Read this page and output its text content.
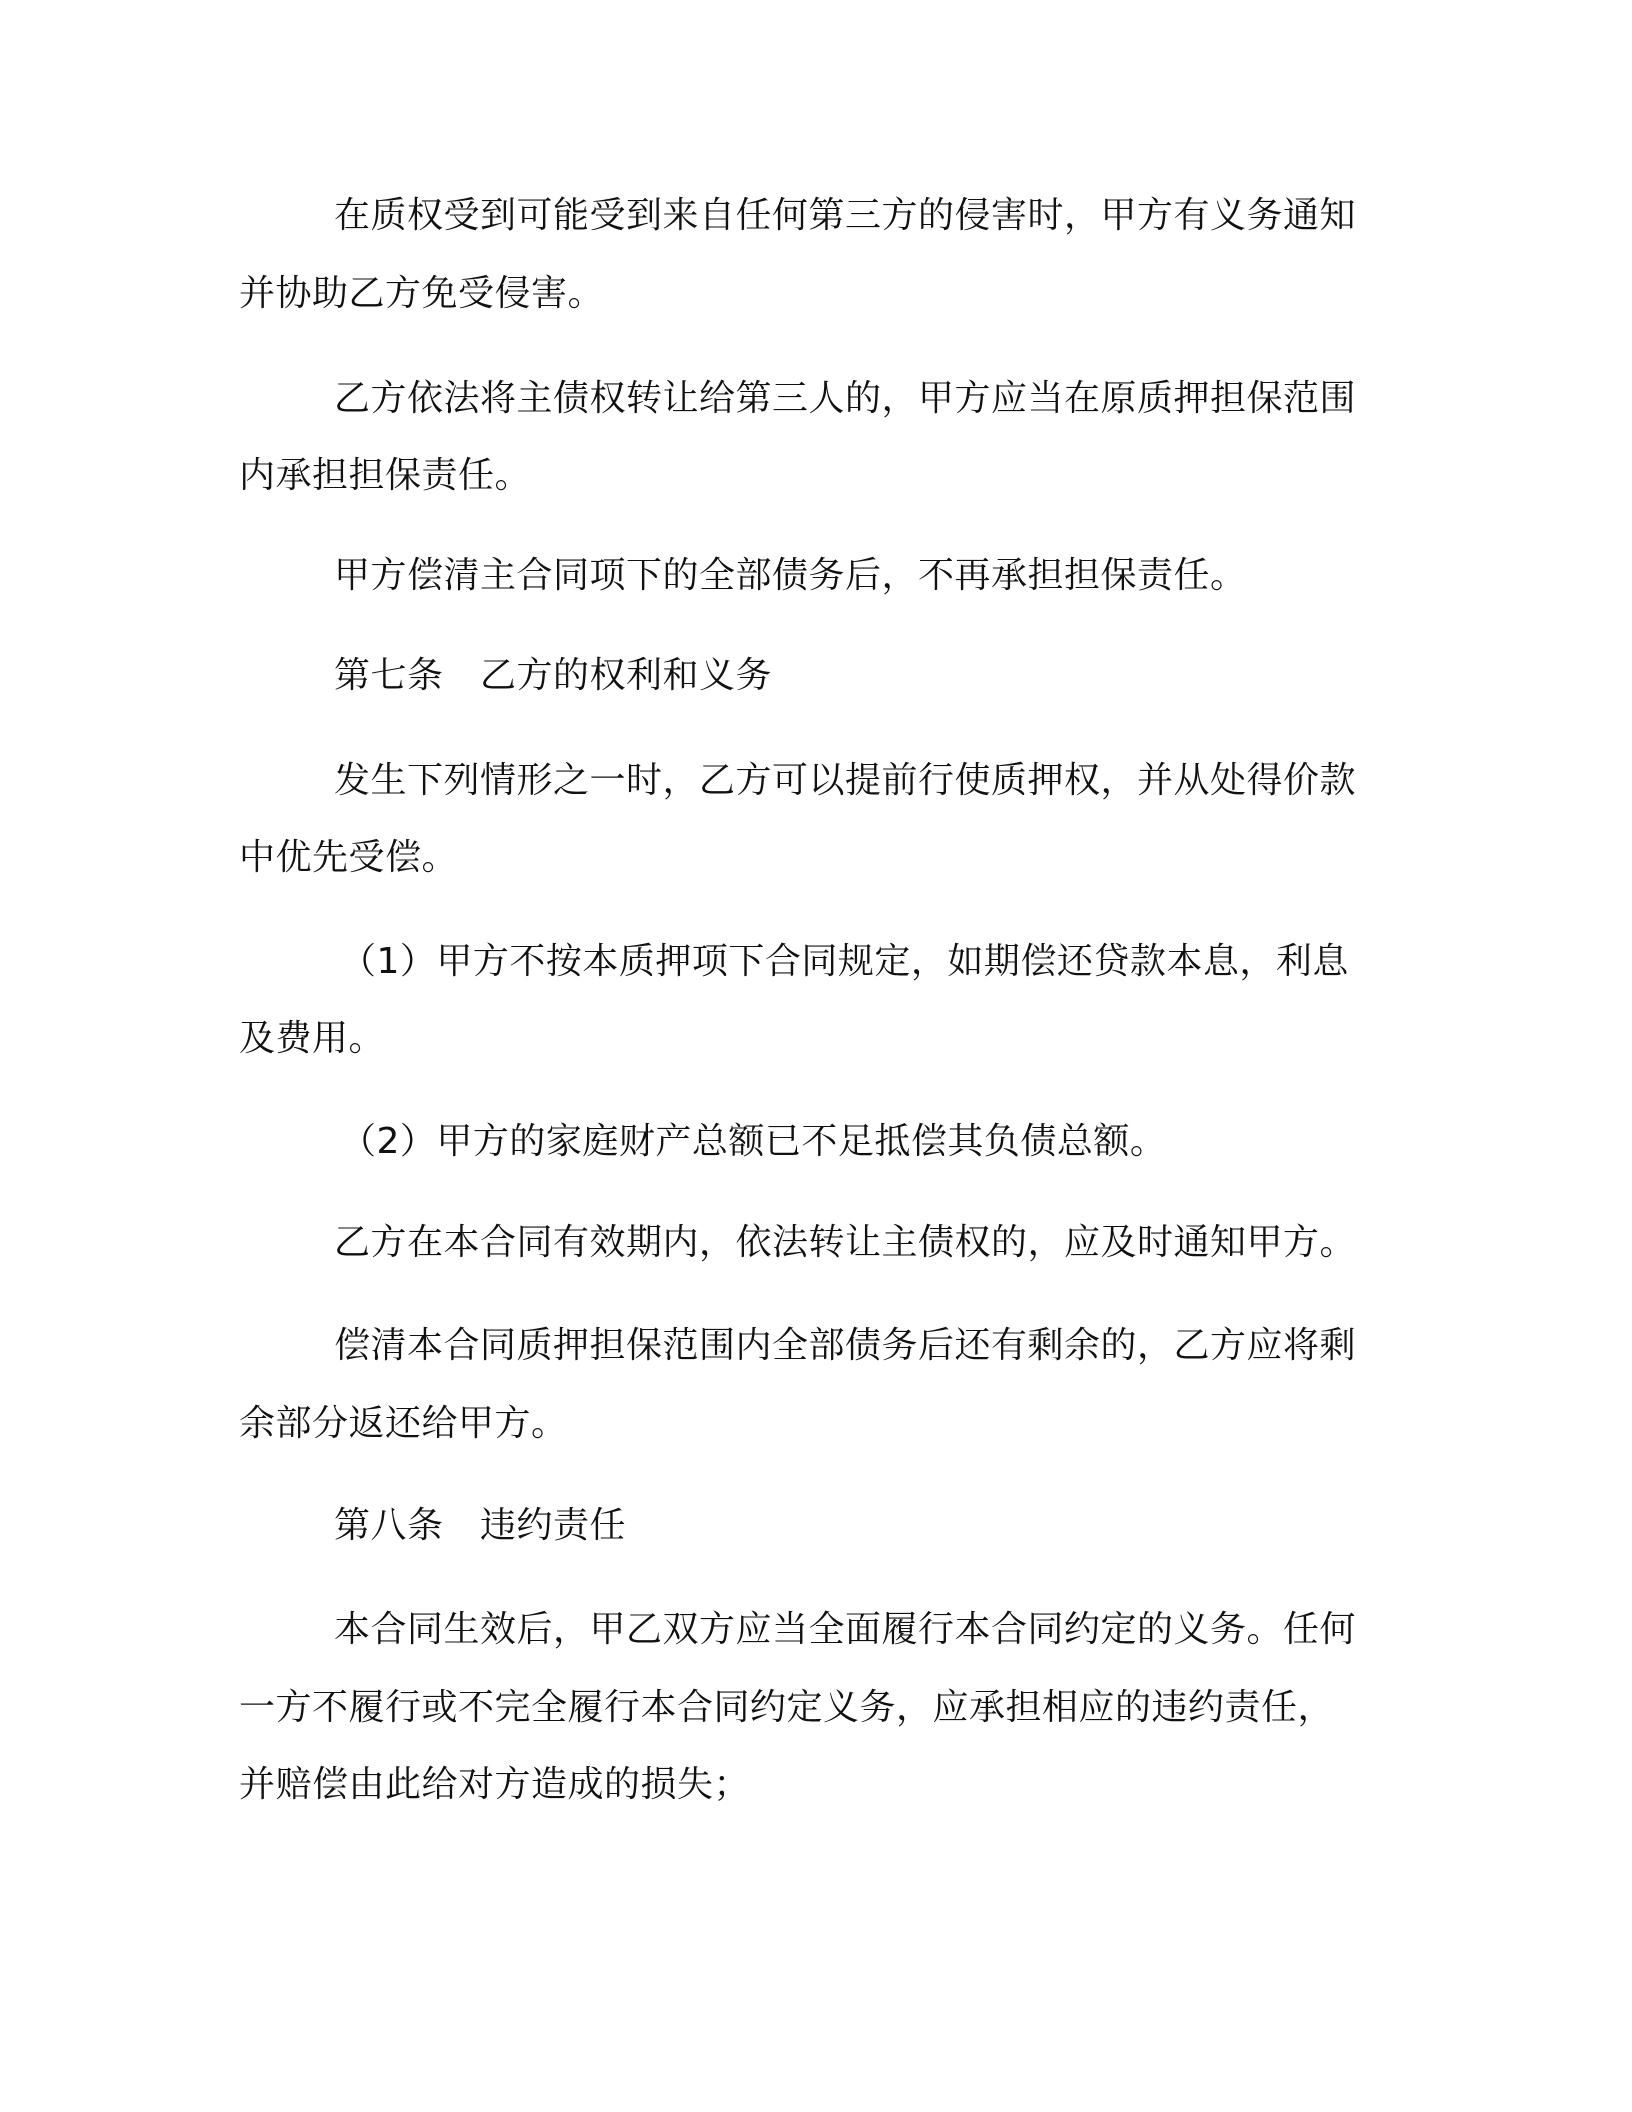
在质权受到可能受到来自任何第三方的侵害时，甲方有义务通知
并协助乙方免受侵害。
乙方依法将主债权转让给第三人的，甲方应当在原质押担保范围
内承担担保责任。
甲方偿清主合同项下的全部债务后，不再承担担保责任。
第七条　乙方的权利和义务
发生下列情形之一时，乙方可以提前行使质押权，并从处得价款
中优先受偿。
（1）甲方不按本质押项下合同规定，如期偿还贷款本息，利息
及费用。
（2）甲方的家庭财产总额已不足抵偿其负债总额。
乙方在本合同有效期内，依法转让主债权的，应及时通知甲方。
偿清本合同质押担保范围内全部债务后还有剩余的，乙方应将剩
余部分返还给甲方。
第八条　违约责任
本合同生效后，甲乙双方应当全面履行本合同约定的义务。任何
一方不履行或不完全履行本合同约定义务，应承担相应的违约责任，
并赔偿由此给对方造成的损失；
